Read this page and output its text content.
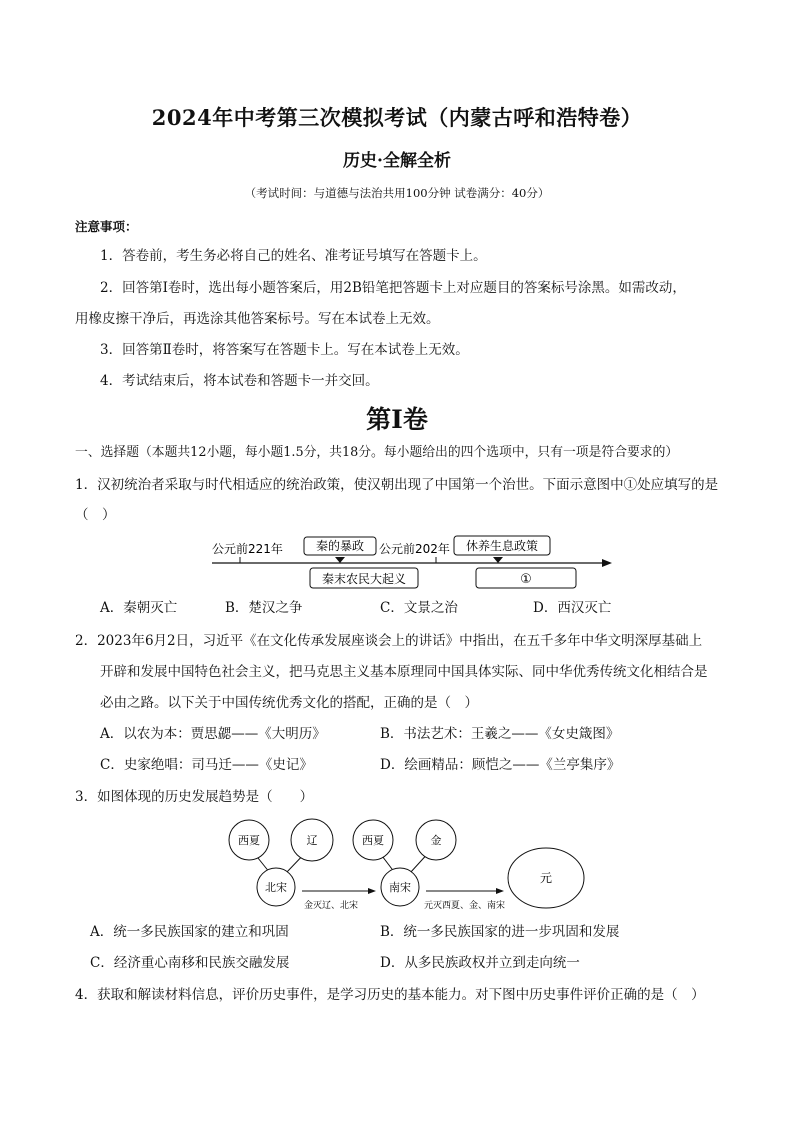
2024年中考第三次模拟考试（内蒙古呼和浩特卷）
历史·全解全析
（考试时间：与道德与法治共用100分钟 试卷满分：40分）
注意事项：
1．答卷前，考生务必将自己的姓名、准考证号填写在答题卡上。
2．回答第Ⅰ卷时，选出每小题答案后，用2B铅笔把答题卡上对应题目的答案标号涂黑。如需改动，
用橡皮擦干净后，再选涂其他答案标号。写在本试卷上无效。
3．回答第Ⅱ卷时，将答案写在答题卡上。写在本试卷上无效。
4．考试结束后，将本试卷和答题卡一并交回。
第Ⅰ卷
一、选择题（本题共12小题，每小题1.5分，共18分。每小题给出的四个选项中，只有一项是符合要求的）
1．汉初统治者采取与时代相适应的统治政策，使汉朝出现了中国第一个治世。下面示意图中①处应填写的是
（　）
公元前221年	公元前202年
秦的暴政	休养生息政策
秦末农民大起义	①
A．秦朝灭亡	B．楚汉之争	C．文景之治	D．西汉灭亡
2．2023年6月2日，习近平《在文化传承发展座谈会上的讲话》中指出，在五千多年中华文明深厚基础上
开辟和发展中国特色社会主义，把马克思主义基本原理同中国具体实际、同中华优秀传统文化相结合是
必由之路。以下关于中国传统优秀文化的搭配，正确的是（　）
A．以农为本：贾思勰——《大明历》	B．书法艺术：王羲之——《女史箴图》
C．史家绝唱：司马迁——《史记》	D．绘画精品：顾恺之——《兰亭集序》
3．如图体现的历史发展趋势是（　　）
西夏	辽
北宋
金灭辽、北宋
西夏	金
南宋
元灭西夏、金、南宋
元
A．统一多民族国家的建立和巩固	B．统一多民族国家的进一步巩固和发展
C．经济重心南移和民族交融发展	D．从多民族政权并立到走向统一
4．获取和解读材料信息，评价历史事件，是学习历史的基本能力。对下图中历史事件评价正确的是（　）
